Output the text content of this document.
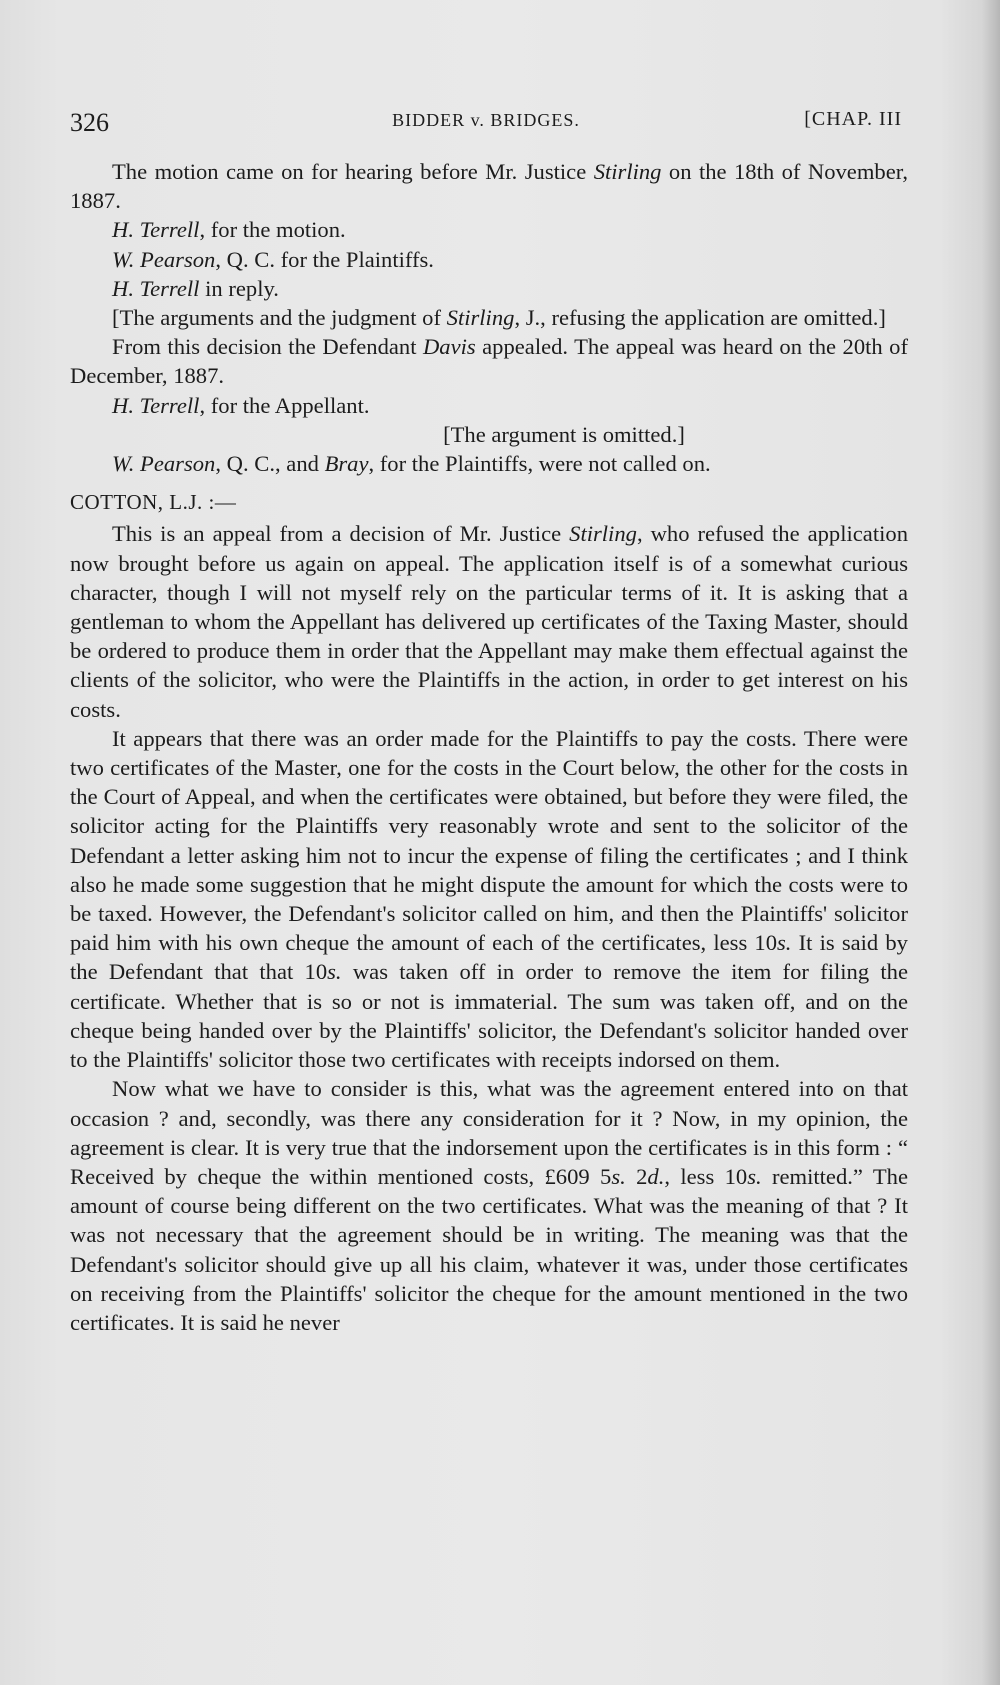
326	BIDDER v. BRIDGES.	[CHAP. III

The motion came on for hearing before Mr. Justice Stirling on the 18th of November, 1887.

H. Terrell, for the motion.

W. Pearson, Q. C. for the Plaintiffs.

H. Terrell in reply.

[The arguments and the judgment of Stirling, J., refusing the application are omitted.]

From this decision the Defendant Davis appealed. The appeal was heard on the 20th of December, 1887.

H. Terrell, for the Appellant.

[The argument is omitted.]

W. Pearson, Q. C., and Bray, for the Plaintiffs, were not called on.

COTTON, L.J. :—

This is an appeal from a decision of Mr. Justice Stirling, who refused the application now brought before us again on appeal. The application itself is of a somewhat curious character, though I will not myself rely on the particular terms of it. It is asking that a gentleman to whom the Appellant has delivered up certificates of the Taxing Master, should be ordered to produce them in order that the Appellant may make them effectual against the clients of the solicitor, who were the Plaintiffs in the action, in order to get interest on his costs.

It appears that there was an order made for the Plaintiffs to pay the costs. There were two certificates of the Master, one for the costs in the Court below, the other for the costs in the Court of Appeal, and when the certificates were obtained, but before they were filed, the solicitor acting for the Plaintiffs very reasonably wrote and sent to the solicitor of the Defendant a letter asking him not to incur the expense of filing the certificates ; and I think also he made some suggestion that he might dispute the amount for which the costs were to be taxed. However, the Defendant's solicitor called on him, and then the Plaintiffs' solicitor paid him with his own cheque the amount of each of the certificates, less 10s. It is said by the Defendant that that 10s. was taken off in order to remove the item for filing the certificate. Whether that is so or not is immaterial. The sum was taken off, and on the cheque being handed over by the Plaintiffs' solicitor, the Defendant's solicitor handed over to the Plaintiffs' solicitor those two certificates with receipts indorsed on them.

Now what we have to consider is this, what was the agreement entered into on that occasion ? and, secondly, was there any consideration for it ? Now, in my opinion, the agreement is clear. It is very true that the indorsement upon the certificates is in this form : “ Received by cheque the within mentioned costs, £609 5s. 2d., less 10s. remitted.” The amount of course being different on the two certificates. What was the meaning of that ? It was not necessary that the agreement should be in writing. The meaning was that the Defendant's solicitor should give up all his claim, whatever it was, under those certificates on receiving from the Plaintiffs' solicitor the cheque for the amount mentioned in the two certificates. It is said he never
